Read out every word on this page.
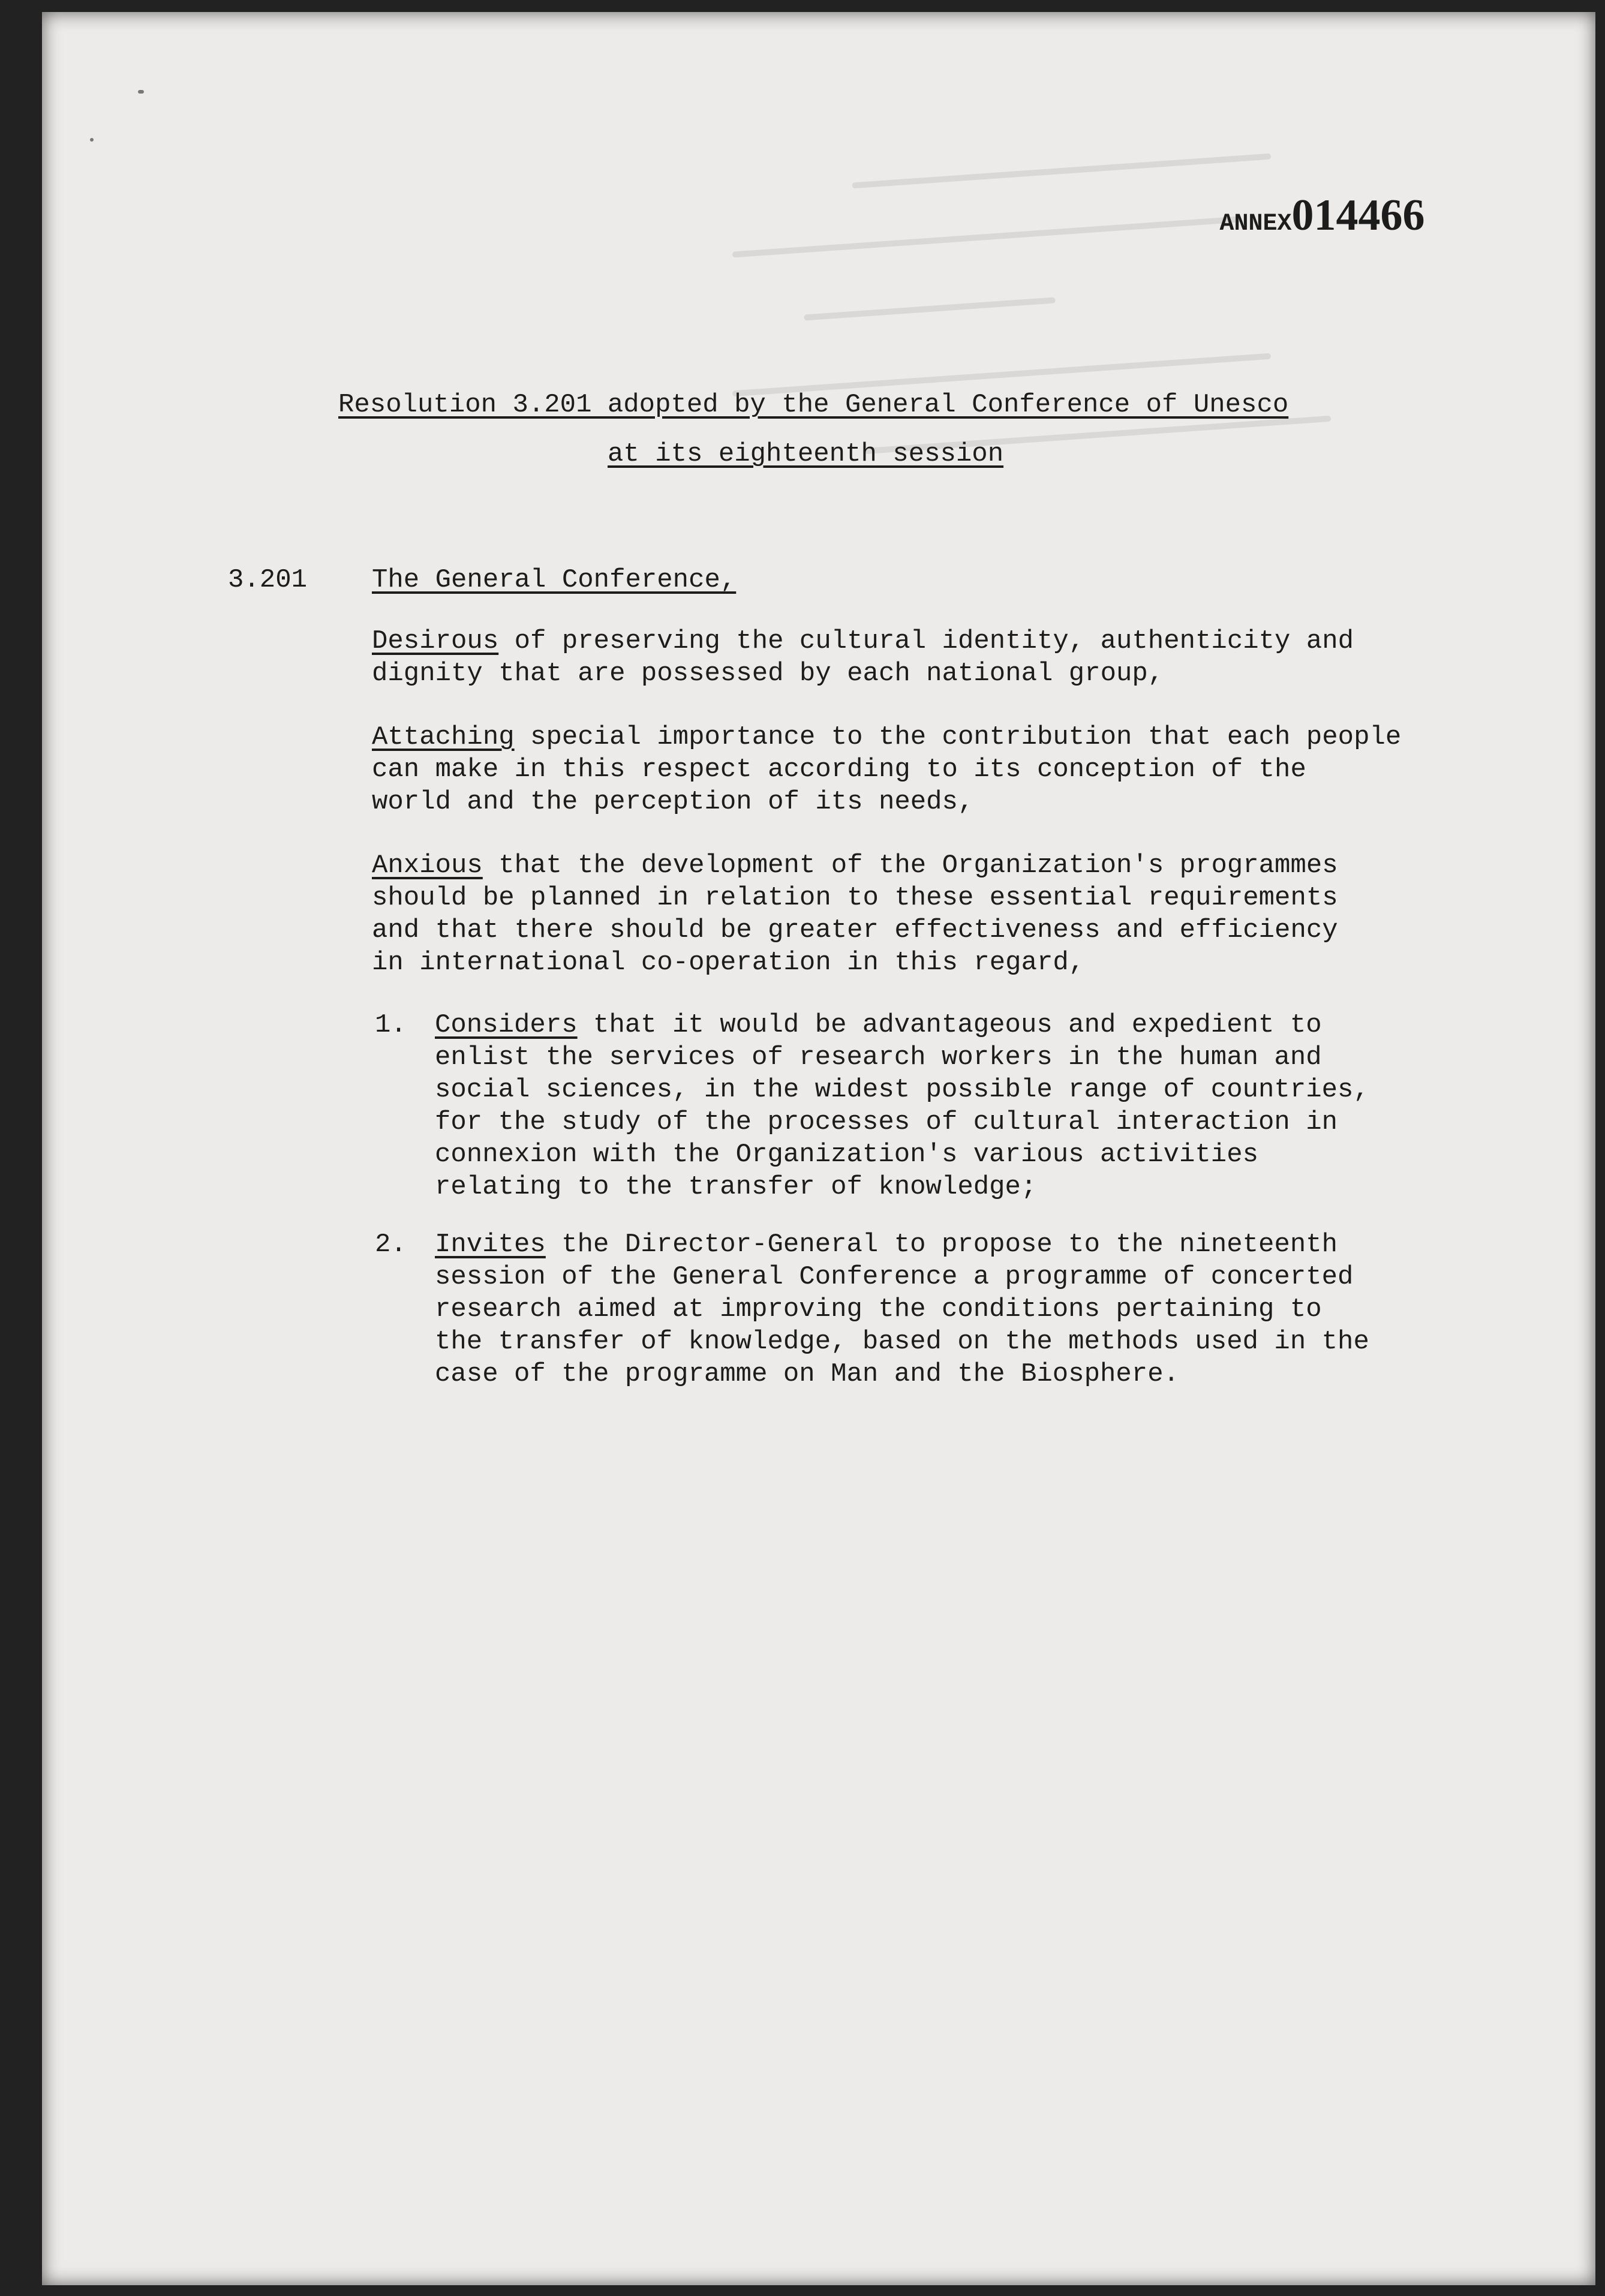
ANNEX014466

Resolution 3.201 adopted by the General Conference of Unesco
at its eighteenth session
3.201 The General Conference,
Desirous of preserving the cultural identity, authenticity and
dignity that are possessed by each national group,
Attaching special importance to the contribution that each people
can make in this respect according to its conception of the
world and the perception of its needs,
Anxious that the development of the Organization's programmes
should be planned in relation to these essential requirements
and that there should be greater effectiveness and efficiency
in international co-operation in this regard,
1. Considers that it would be advantageous and expedient to
enlist the services of research workers in the human and
social sciences, in the widest possible range of countries,
for the study of the processes of cultural interaction in
connexion with the Organization's various activities
relating to the transfer of knowledge;
2. Invites the Director-General to propose to the nineteenth
session of the General Conference a programme of concerted
research aimed at improving the conditions pertaining to
the transfer of knowledge, based on the methods used in the
case of the programme on Man and the Biosphere.
